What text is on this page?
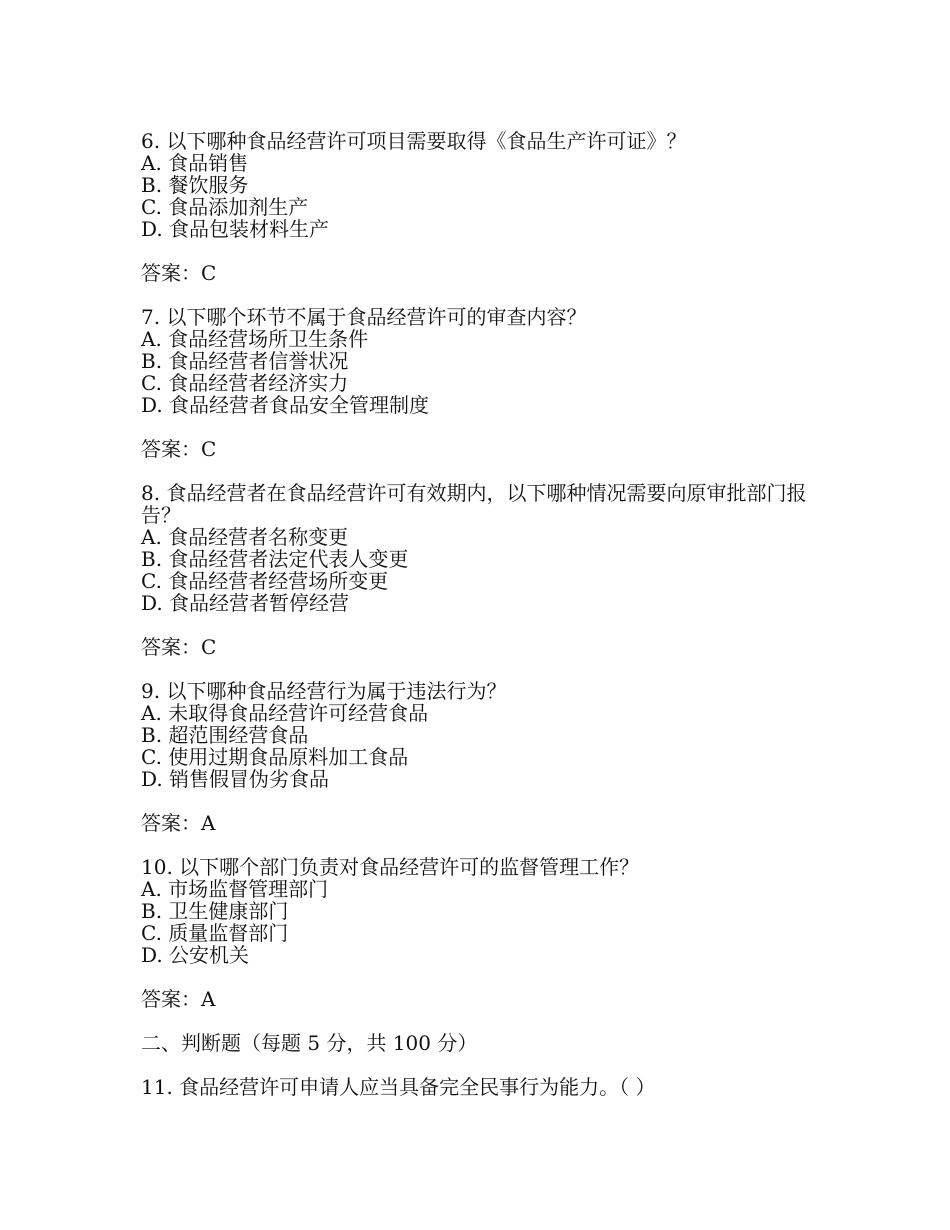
6. 以下哪种食品经营许可项目需要取得《食品生产许可证》？

A. 食品销售

B. 餐饮服务

C. 食品添加剂生产

D. 食品包装材料生产

答案：C

7. 以下哪个环节不属于食品经营许可的审查内容？

A. 食品经营场所卫生条件

B. 食品经营者信誉状况

C. 食品经营者经济实力

D. 食品经营者食品安全管理制度

答案：C

8. 食品经营者在食品经营许可有效期内，以下哪种情况需要向原审批部门报告？

A. 食品经营者名称变更

B. 食品经营者法定代表人变更

C. 食品经营者经营场所变更

D. 食品经营者暂停经营

答案：C

9. 以下哪种食品经营行为属于违法行为？

A. 未取得食品经营许可经营食品

B. 超范围经营食品

C. 使用过期食品原料加工食品

D. 销售假冒伪劣食品

答案：A

10. 以下哪个部门负责对食品经营许可的监督管理工作？

A. 市场监督管理部门

B. 卫生健康部门

C. 质量监督部门

D. 公安机关

答案：A

二、判断题（每题 5 分，共 100 分）

11. 食品经营许可申请人应当具备完全民事行为能力。（ ）
